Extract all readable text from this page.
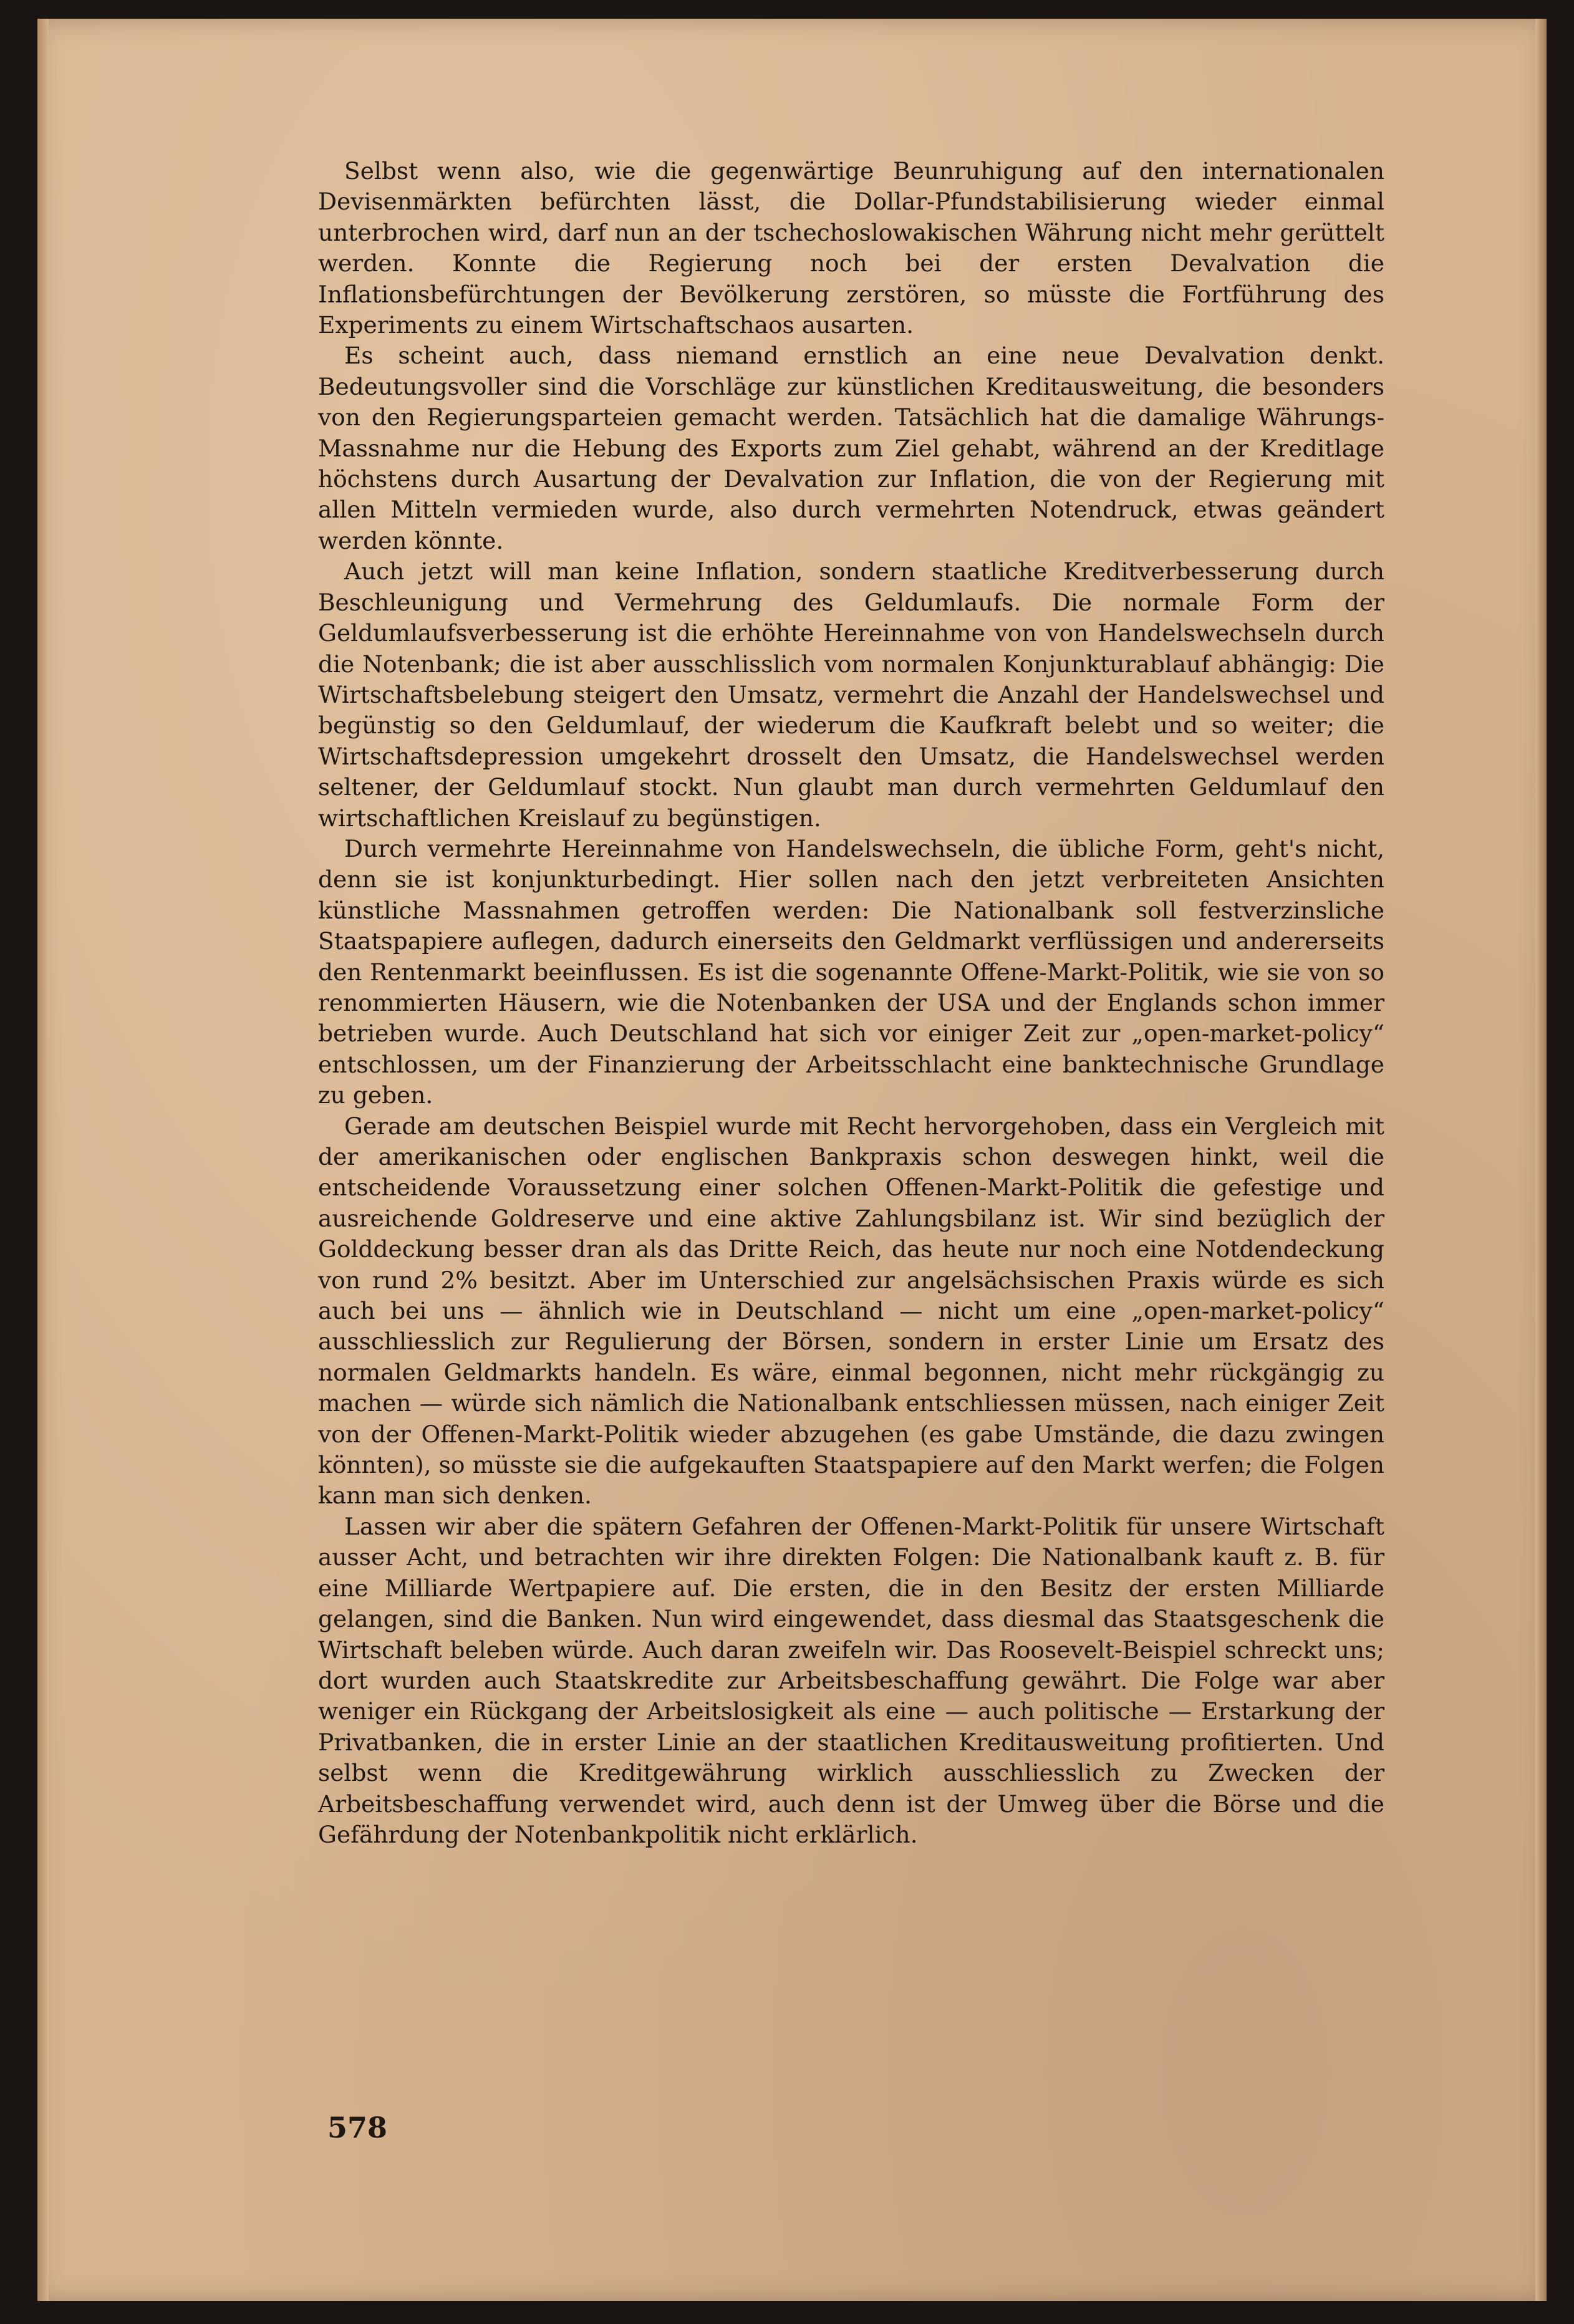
Selbst wenn also, wie die gegenwärtige Beunruhigung auf den internationalen Devisenmärkten befürchten lässt, die Dollar-Pfundstabilisierung wieder einmal unterbrochen wird, darf nun an der tschechoslowakischen Währung nicht mehr gerüttelt werden. Konnte die Regierung noch bei der ersten Devalvation die Inflationsbefürchtungen der Bevölkerung zerstören, so müsste die Fortführung des Experiments zu einem Wirtschaftschaos ausarten.

Es scheint auch, dass niemand ernstlich an eine neue Devalvation denkt. Bedeutungsvoller sind die Vorschläge zur künstlichen Kreditausweitung, die besonders von den Regierungsparteien gemacht werden. Tatsächlich hat die damalige Währungs-Massnahme nur die Hebung des Exports zum Ziel gehabt, während an der Kreditlage höchstens durch Ausartung der Devalvation zur Inflation, die von der Regierung mit allen Mitteln vermieden wurde, also durch vermehrten Notendruck, etwas geändert werden könnte.

Auch jetzt will man keine Inflation, sondern staatliche Kreditverbesserung durch Beschleunigung und Vermehrung des Geldumlaufs. Die normale Form der Geldumlaufsverbesserung ist die erhöhte Hereinnahme von von Handelswechseln durch die Notenbank; die ist aber ausschlisslich vom normalen Konjunkturablauf abhängig: Die Wirtschaftsbelebung steigert den Umsatz, vermehrt die Anzahl der Handelswechsel und begünstig so den Geldumlauf, der wiederum die Kaufkraft belebt und so weiter; die Wirtschaftsdepression umgekehrt drosselt den Umsatz, die Handelswechsel werden seltener, der Geldumlauf stockt. Nun glaubt man durch vermehrten Geldumlauf den wirtschaftlichen Kreislauf zu begünstigen.

Durch vermehrte Hereinnahme von Handelswechseln, die übliche Form, geht's nicht, denn sie ist konjunkturbedingt. Hier sollen nach den jetzt verbreiteten Ansichten künstliche Massnahmen getroffen werden: Die Nationalbank soll festverzinsliche Staatspapiere auflegen, dadurch einerseits den Geldmarkt verflüssigen und andererseits den Rentenmarkt beeinflussen. Es ist die sogenannte Offene-Markt-Politik, wie sie von so renommierten Häusern, wie die Notenbanken der USA und der Englands schon immer betrieben wurde. Auch Deutschland hat sich vor einiger Zeit zur „open-market-policy“ entschlossen, um der Finanzierung der Arbeitsschlacht eine banktechnische Grundlage zu geben.

Gerade am deutschen Beispiel wurde mit Recht hervorgehoben, dass ein Vergleich mit der amerikanischen oder englischen Bankpraxis schon deswegen hinkt, weil die entscheidende Voraussetzung einer solchen Offenen-Markt-Politik die gefestige und ausreichende Goldreserve und eine aktive Zahlungsbilanz ist. Wir sind bezüglich der Golddeckung besser dran als das Dritte Reich, das heute nur noch eine Notdendeckung von rund 2% besitzt. Aber im Unterschied zur angelsächsischen Praxis würde es sich auch bei uns — ähnlich wie in Deutschland — nicht um eine „open-market-policy“ ausschliesslich zur Regulierung der Börsen, sondern in erster Linie um Ersatz des normalen Geldmarkts handeln. Es wäre, einmal begonnen, nicht mehr rückgängig zu machen — würde sich nämlich die Nationalbank entschliessen müssen, nach einiger Zeit von der Offenen-Markt-Politik wieder abzugehen (es gabe Umstände, die dazu zwingen könnten), so müsste sie die aufgekauften Staatspapiere auf den Markt werfen; die Folgen kann man sich denken.

Lassen wir aber die spätern Gefahren der Offenen-Markt-Politik für unsere Wirtschaft ausser Acht, und betrachten wir ihre direkten Folgen: Die Nationalbank kauft z. B. für eine Milliarde Wertpapiere auf. Die ersten, die in den Besitz der ersten Milliarde gelangen, sind die Banken. Nun wird eingewendet, dass diesmal das Staatsgeschenk die Wirtschaft beleben würde. Auch daran zweifeln wir. Das Roosevelt-Beispiel schreckt uns; dort wurden auch Staatskredite zur Arbeitsbeschaffung gewährt. Die Folge war aber weniger ein Rückgang der Arbeitslosigkeit als eine — auch politische — Erstarkung der Privatbanken, die in erster Linie an der staatlichen Kreditausweitung profitierten. Und selbst wenn die Kreditgewährung wirklich ausschliesslich zu Zwecken der Arbeitsbeschaffung verwendet wird, auch denn ist der Umweg über die Börse und die Gefährdung der Notenbankpolitik nicht erklärlich.

578
